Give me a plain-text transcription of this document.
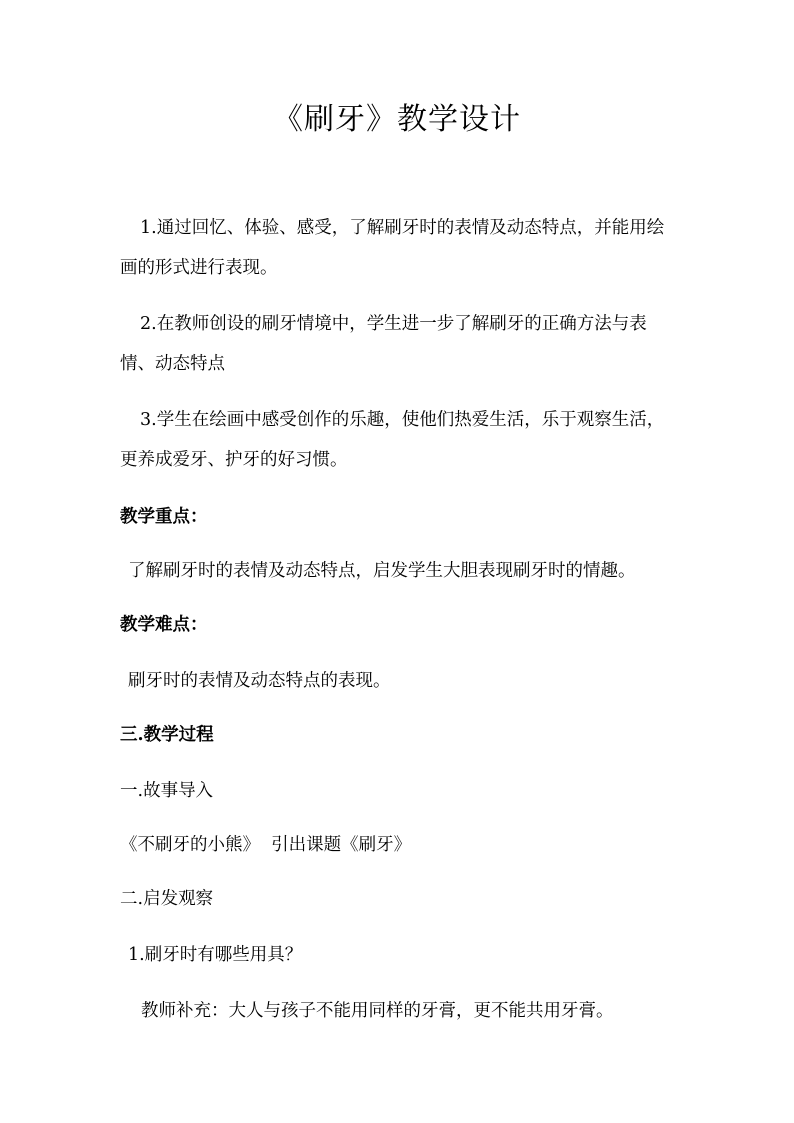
《刷牙》教学设计
1.通过回忆、体验、感受，了解刷牙时的表情及动态特点，并能用绘画的形式进行表现。
2.在教师创设的刷牙情境中，学生进一步了解刷牙的正确方法与表情、动态特点
3.学生在绘画中感受创作的乐趣，使他们热爱生活，乐于观察生活，更养成爱牙、护牙的好习惯。
教学重点：
了解刷牙时的表情及动态特点，启发学生大胆表现刷牙时的情趣。
教学难点：
刷牙时的表情及动态特点的表现。
三.教学过程
一.故事导入
《不刷牙的小熊》  引出课题《刷牙》
二.启发观察
1.刷牙时有哪些用具？
教师补充：大人与孩子不能用同样的牙膏，更不能共用牙膏。
